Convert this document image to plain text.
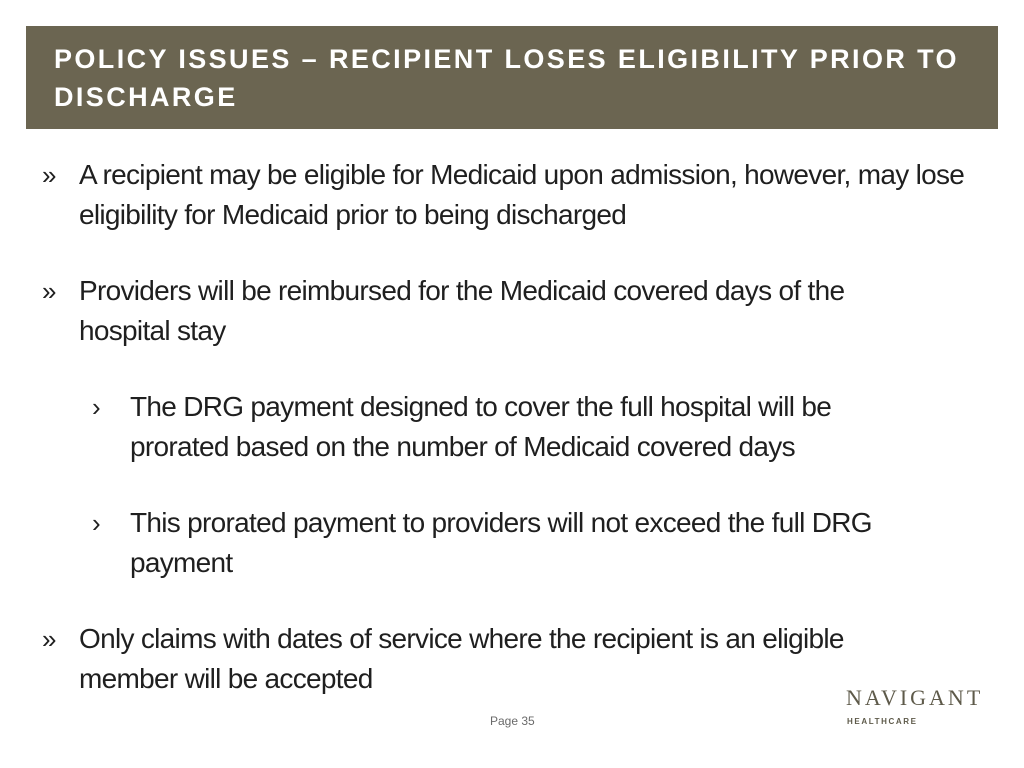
POLICY ISSUES – RECIPIENT LOSES ELIGIBILITY PRIOR TO DISCHARGE
» A recipient may be eligible for Medicaid upon admission, however, may lose eligibility for Medicaid prior to being discharged
» Providers will be reimbursed for the Medicaid covered days of the hospital stay
› The DRG payment designed to cover the full hospital will be prorated based on the number of Medicaid covered days
› This prorated payment to providers will not exceed the full DRG payment
» Only claims with dates of service where the recipient is an eligible member will be accepted
Page 35
NAVIGANT
HEALTHCARE
